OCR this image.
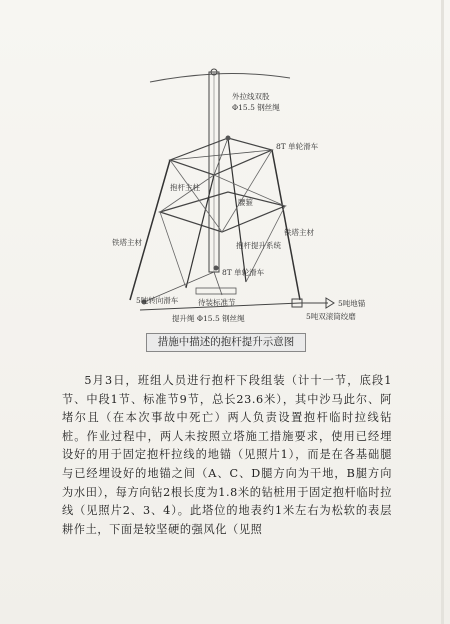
外拉线双股
Φ15.5 钢丝绳
8T 单轮滑车
抱杆主柱
腰箍
铁塔主材
铁塔主材
抱杆提升系统
8T 单轮滑车
5吨转向滑车	待装标准节
提升绳 Φ15.5 钢丝绳
5吨地锚
5吨双滚筒绞磨
措施中描述的抱杆提升示意图

5月3日，班组人员进行抱杆下段组装（计十一节，底段1节、中段1节、标准节9节，总长23.6米），其中沙马此尔、阿堵尔且（在本次事故中死亡）两人负责设置抱杆临时拉线钻桩。作业过程中，两人未按照立塔施工措施要求，使用已经埋设好的用于固定抱杆拉线的地锚（见照片1），而是在各基础腿与已经埋设好的地锚之间（A、C、D腿方向为干地，B腿方向为水田），每方向钻2根长度为1.8米的钻桩用于固定抱杆临时拉线（见照片2、3、4）。此塔位的地表约1米左右为松软的表层耕作土，下面是较坚硬的强风化（见照
